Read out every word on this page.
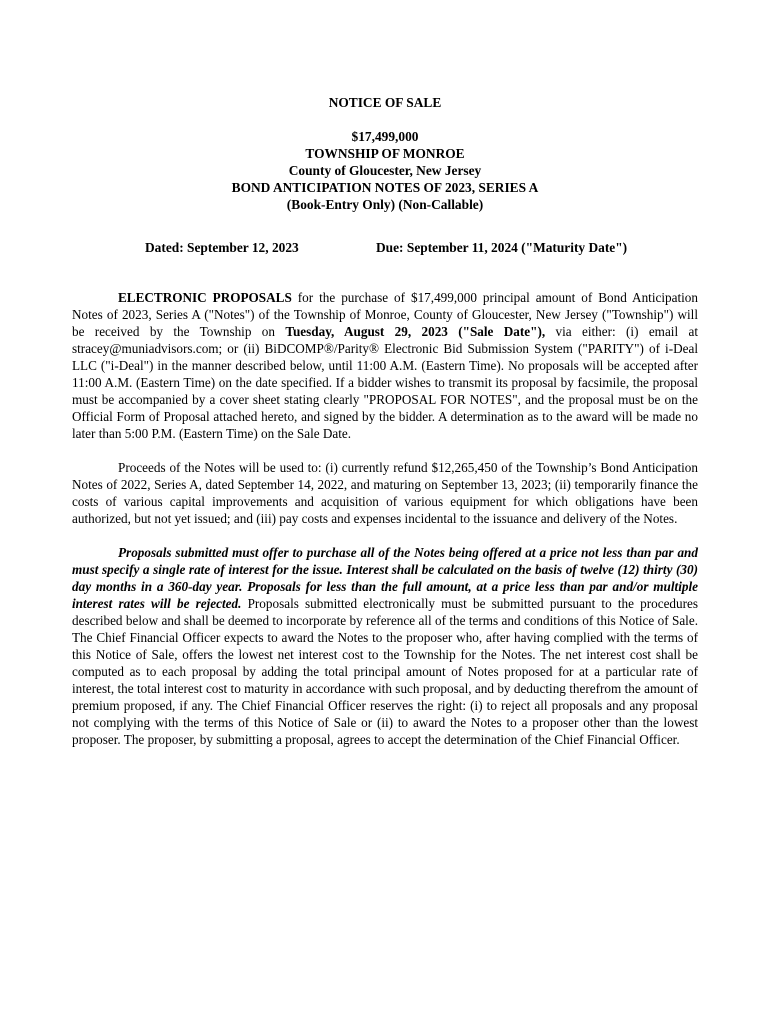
NOTICE OF SALE
$17,499,000
TOWNSHIP OF MONROE
County of Gloucester, New Jersey
BOND ANTICIPATION NOTES OF 2023, SERIES A
(Book-Entry Only) (Non-Callable)
Dated: September 12, 2023	Due: September 11, 2024 ("Maturity Date")

ELECTRONIC PROPOSALS for the purchase of $17,499,000 principal amount of Bond Anticipation Notes of 2023, Series A ("Notes") of the Township of Monroe, County of Gloucester, New Jersey ("Township") will be received by the Township on Tuesday, August 29, 2023 ("Sale Date"), via either: (i) email at stracey@muniadvisors.com; or (ii) BiDCOMP®/Parity® Electronic Bid Submission System ("PARITY") of i-Deal LLC ("i-Deal") in the manner described below, until 11:00 A.M. (Eastern Time). No proposals will be accepted after 11:00 A.M. (Eastern Time) on the date specified. If a bidder wishes to transmit its proposal by facsimile, the proposal must be accompanied by a cover sheet stating clearly "PROPOSAL FOR NOTES", and the proposal must be on the Official Form of Proposal attached hereto, and signed by the bidder. A determination as to the award will be made no later than 5:00 P.M. (Eastern Time) on the Sale Date.

Proceeds of the Notes will be used to: (i) currently refund $12,265,450 of the Township’s Bond Anticipation Notes of 2022, Series A, dated September 14, 2022, and maturing on September 13, 2023; (ii) temporarily finance the costs of various capital improvements and acquisition of various equipment for which obligations have been authorized, but not yet issued; and (iii) pay costs and expenses incidental to the issuance and delivery of the Notes.

Proposals submitted must offer to purchase all of the Notes being offered at a price not less than par and must specify a single rate of interest for the issue. Interest shall be calculated on the basis of twelve (12) thirty (30) day months in a 360-day year. Proposals for less than the full amount, at a price less than par and/or multiple interest rates will be rejected. Proposals submitted electronically must be submitted pursuant to the procedures described below and shall be deemed to incorporate by reference all of the terms and conditions of this Notice of Sale. The Chief Financial Officer expects to award the Notes to the proposer who, after having complied with the terms of this Notice of Sale, offers the lowest net interest cost to the Township for the Notes. The net interest cost shall be computed as to each proposal by adding the total principal amount of Notes proposed for at a particular rate of interest, the total interest cost to maturity in accordance with such proposal, and by deducting therefrom the amount of premium proposed, if any. The Chief Financial Officer reserves the right: (i) to reject all proposals and any proposal not complying with the terms of this Notice of Sale or (ii) to award the Notes to a proposer other than the lowest proposer. The proposer, by submitting a proposal, agrees to accept the determination of the Chief Financial Officer.
